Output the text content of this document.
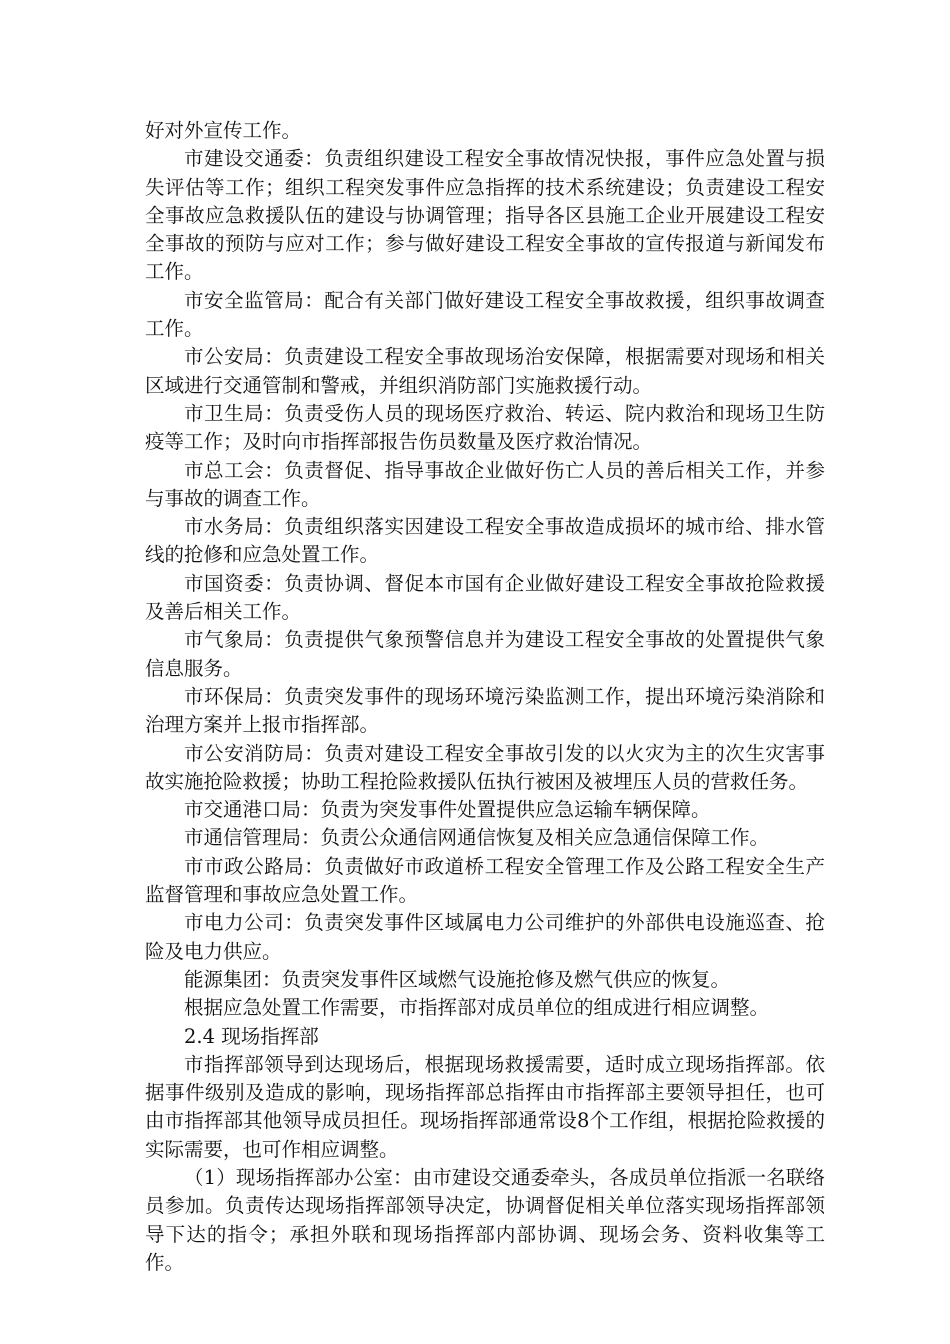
好对外宣传工作。

市建设交通委：负责组织建设工程安全事故情况快报，事件应急处置与损失评估等工作；组织工程突发事件应急指挥的技术系统建设；负责建设工程安全事故应急救援队伍的建设与协调管理；指导各区县施工企业开展建设工程安全事故的预防与应对工作；参与做好建设工程安全事故的宣传报道与新闻发布工作。

市安全监管局：配合有关部门做好建设工程安全事故救援，组织事故调查工作。

市公安局：负责建设工程安全事故现场治安保障，根据需要对现场和相关区域进行交通管制和警戒，并组织消防部门实施救援行动。

市卫生局：负责受伤人员的现场医疗救治、转运、院内救治和现场卫生防疫等工作；及时向市指挥部报告伤员数量及医疗救治情况。

市总工会：负责督促、指导事故企业做好伤亡人员的善后相关工作，并参与事故的调查工作。

市水务局：负责组织落实因建设工程安全事故造成损坏的城市给、排水管线的抢修和应急处置工作。

市国资委：负责协调、督促本市国有企业做好建设工程安全事故抢险救援及善后相关工作。

市气象局：负责提供气象预警信息并为建设工程安全事故的处置提供气象信息服务。

市环保局：负责突发事件的现场环境污染监测工作，提出环境污染消除和治理方案并上报市指挥部。

市公安消防局：负责对建设工程安全事故引发的以火灾为主的次生灾害事故实施抢险救援；协助工程抢险救援队伍执行被困及被埋压人员的营救任务。

市交通港口局：负责为突发事件处置提供应急运输车辆保障。

市通信管理局：负责公众通信网通信恢复及相关应急通信保障工作。

市市政公路局：负责做好市政道桥工程安全管理工作及公路工程安全生产监督管理和事故应急处置工作。

市电力公司：负责突发事件区域属电力公司维护的外部供电设施巡查、抢险及电力供应。

能源集团：负责突发事件区域燃气设施抢修及燃气供应的恢复。

根据应急处置工作需要，市指挥部对成员单位的组成进行相应调整。

2.4 现场指挥部

市指挥部领导到达现场后，根据现场救援需要，适时成立现场指挥部。依据事件级别及造成的影响，现场指挥部总指挥由市指挥部主要领导担任，也可由市指挥部其他领导成员担任。现场指挥部通常设8个工作组，根据抢险救援的实际需要，也可作相应调整。

（1）现场指挥部办公室：由市建设交通委牵头，各成员单位指派一名联络员参加。负责传达现场指挥部领导决定，协调督促相关单位落实现场指挥部领导下达的指令；承担外联和现场指挥部内部协调、现场会务、资料收集等工作。
